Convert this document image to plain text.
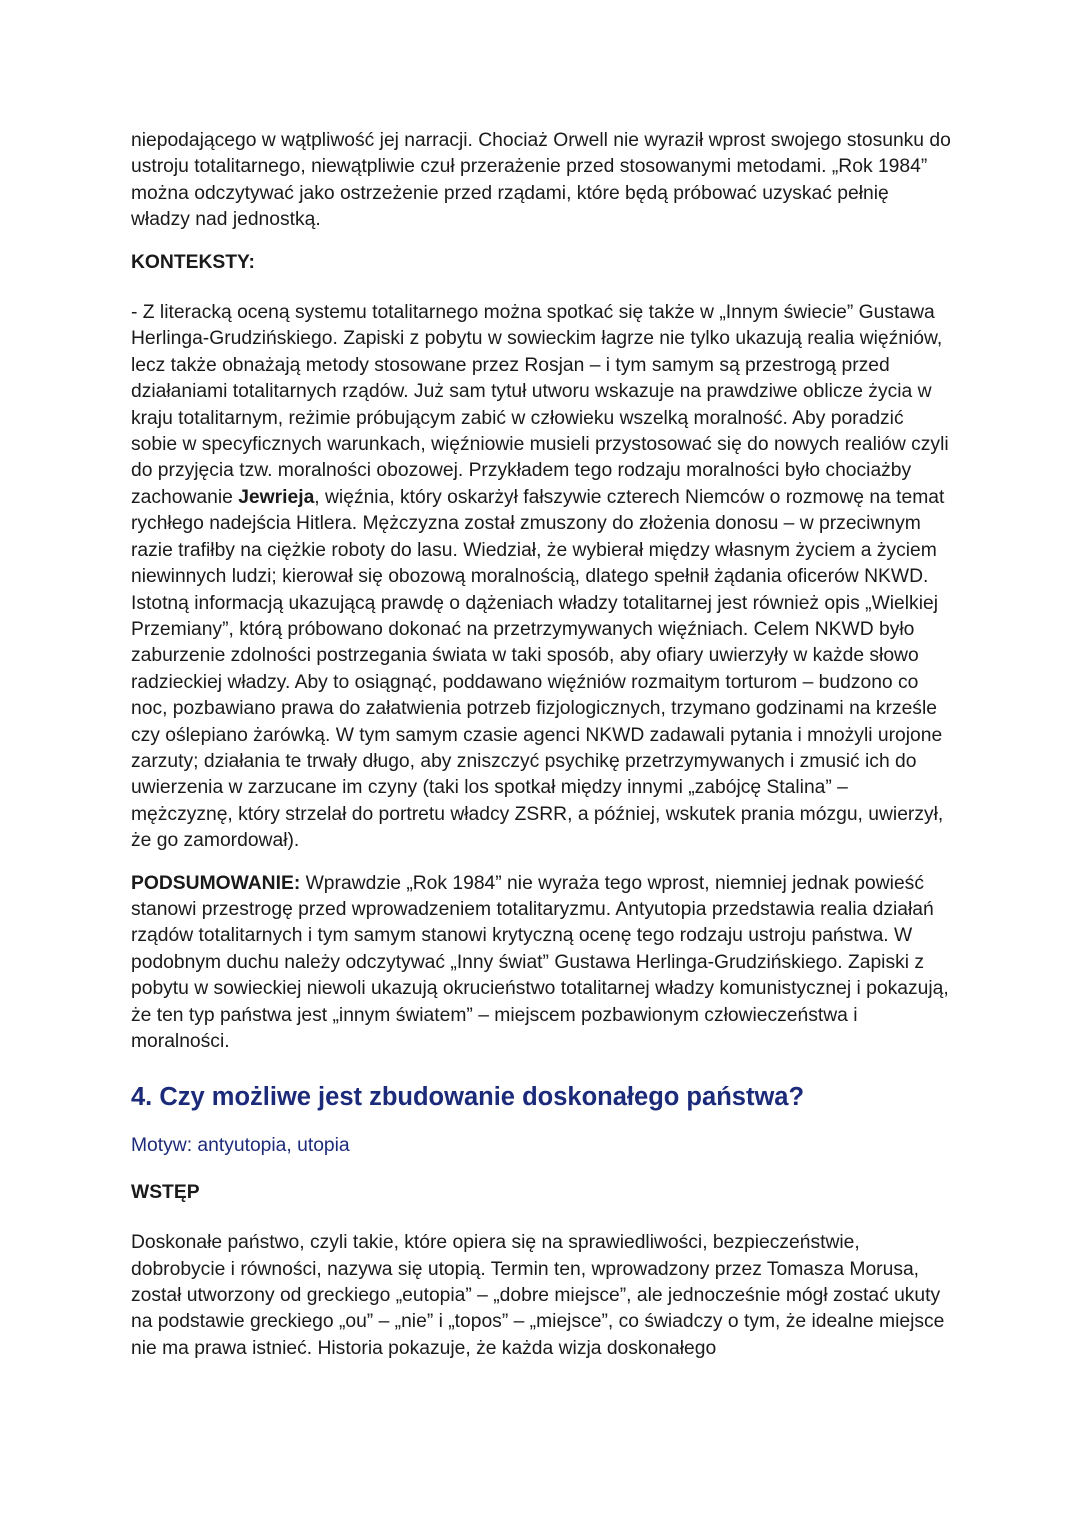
niepodającego w wątpliwość jej narracji. Chociaż Orwell nie wyraził wprost swojego stosunku do ustroju totalitarnego, niewątpliwie czuł przerażenie przed stosowanymi metodami. „Rok 1984” można odczytywać jako ostrzeżenie przed rządami, które będą próbować uzyskać pełnię władzy nad jednostką.

KONTEKSTY:

- Z literacką oceną systemu totalitarnego można spotkać się także w „Innym świecie” Gustawa Herlinga-Grudzińskiego. Zapiski z pobytu w sowieckim łagrze nie tylko ukazują realia więźniów, lecz także obnażają metody stosowane przez Rosjan – i tym samym są przestrogą przed działaniami totalitarnych rządów. Już sam tytuł utworu wskazuje na prawdziwe oblicze życia w kraju totalitarnym, reżimie próbującym zabić w człowieku wszelką moralność. Aby poradzić sobie w specyficznych warunkach, więźniowie musieli przystosować się do nowych realiów czyli do przyjęcia tzw. moralności obozowej. Przykładem tego rodzaju moralności było chociażby zachowanie Jewrieja, więźnia, który oskarżył fałszywie czterech Niemców o rozmowę na temat rychłego nadejścia Hitlera. Mężczyzna został zmuszony do złożenia donosu – w przeciwnym razie trafiłby na ciężkie roboty do lasu. Wiedział, że wybierał między własnym życiem a życiem niewinnych ludzi; kierował się obozową moralnością, dlatego spełnił żądania oficerów NKWD. Istotną informacją ukazującą prawdę o dążeniach władzy totalitarnej jest również opis „Wielkiej Przemiany”, którą próbowano dokonać na przetrzymywanych więźniach. Celem NKWD było zaburzenie zdolności postrzegania świata w taki sposób, aby ofiary uwierzyły w każde słowo radzieckiej władzy. Aby to osiągnąć, poddawano więźniów rozmaitym torturom – budzono co noc, pozbawiano prawa do załatwienia potrzeb fizjologicznych, trzymano godzinami na krześle czy oślepiano żarówką. W tym samym czasie agenci NKWD zadawali pytania i mnożyli urojone zarzuty; działania te trwały długo, aby zniszczyć psychikę przetrzymywanych i zmusić ich do uwierzenia w zarzucane im czyny (taki los spotkał między innymi „zabójcę Stalina” – mężczyznę, który strzelał do portretu władcy ZSRR, a później, wskutek prania mózgu, uwierzył, że go zamordował).

PODSUMOWANIE: Wprawdzie „Rok 1984” nie wyraża tego wprost, niemniej jednak powieść stanowi przestrogę przed wprowadzeniem totalitaryzmu. Antyutopia przedstawia realia działań rządów totalitarnych i tym samym stanowi krytyczną ocenę tego rodzaju ustroju państwa. W podobnym duchu należy odczytywać „Inny świat” Gustawa Herlinga-Grudzińskiego. Zapiski z pobytu w sowieckiej niewoli ukazują okrucieństwo totalitarnej władzy komunistycznej i pokazują, że ten typ państwa jest „innym światem” – miejscem pozbawionym człowieczeństwa i moralności.

4. Czy możliwe jest zbudowanie doskonałego państwa?
Motyw: antyutopia, utopia
WSTĘP

Doskonałe państwo, czyli takie, które opiera się na sprawiedliwości, bezpieczeństwie, dobrobycie i równości, nazywa się utopią. Termin ten, wprowadzony przez Tomasza Morusa, został utworzony od greckiego „eutopia” – „dobre miejsce”, ale jednocześnie mógł zostać ukuty na podstawie greckiego „ou” – „nie” i „topos” – „miejsce”, co świadczy o tym, że idealne miejsce nie ma prawa istnieć. Historia pokazuje, że każda wizja doskonałego
